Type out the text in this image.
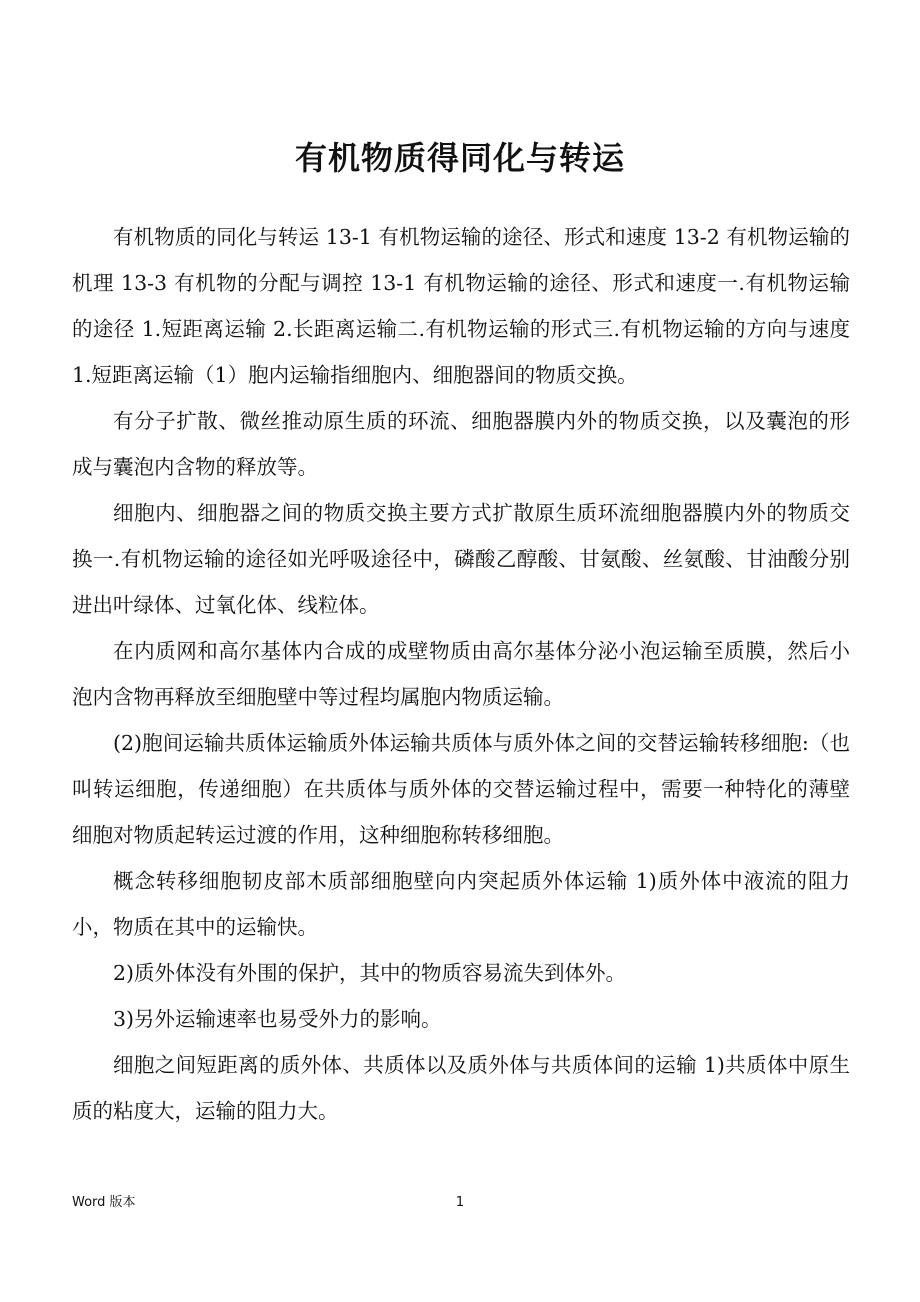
有机物质得同化与转运

有机物质的同化与转运 13-1 有机物运输的途径、形式和速度 13-2 有机物运输的机理 13-3 有机物的分配与调控 13-1 有机物运输的途径、形式和速度一.有机物运输的途径 1.短距离运输 2.长距离运输二.有机物运输的形式三.有机物运输的方向与速度 1.短距离运输（1）胞内运输指细胞内、细胞器间的物质交换。

有分子扩散、微丝推动原生质的环流、细胞器膜内外的物质交换，以及囊泡的形成与囊泡内含物的释放等。

细胞内、细胞器之间的物质交换主要方式扩散原生质环流细胞器膜内外的物质交换一.有机物运输的途径如光呼吸途径中，磷酸乙醇酸、甘氨酸、丝氨酸、甘油酸分别进出叶绿体、过氧化体、线粒体。

在内质网和高尔基体内合成的成壁物质由高尔基体分泌小泡运输至质膜，然后小泡内含物再释放至细胞壁中等过程均属胞内物质运输。

(2)胞间运输共质体运输质外体运输共质体与质外体之间的交替运输转移细胞:（也叫转运细胞，传递细胞）在共质体与质外体的交替运输过程中，需要一种特化的薄壁细胞对物质起转运过渡的作用，这种细胞称转移细胞。

概念转移细胞韧皮部木质部细胞壁向内突起质外体运输 1)质外体中液流的阻力小，物质在其中的运输快。

2)质外体没有外围的保护，其中的物质容易流失到体外。

3)另外运输速率也易受外力的影响。

细胞之间短距离的质外体、共质体以及质外体与共质体间的运输 1)共质体中原生质的粘度大，运输的阻力大。

Word 版本	1
